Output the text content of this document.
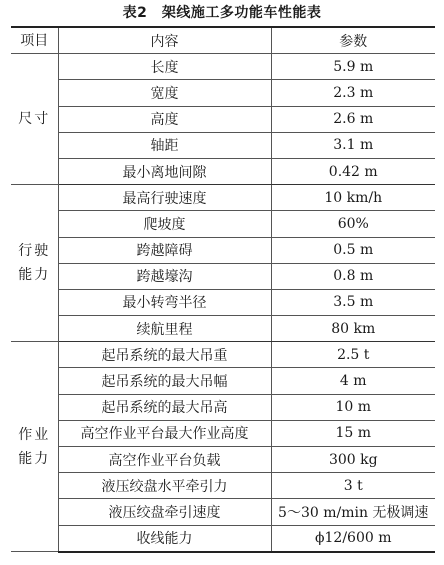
表2　架线施工多功能车性能表
项目	内容	参数
尺寸	长度	5.9 m
	宽度	2.3 m
	高度	2.6 m
	轴距	3.1 m
	最小离地间隙	0.42 m
行驶能力	最高行驶速度	10 km/h
	爬坡度	60%
	跨越障碍	0.5 m
	跨越壕沟	0.8 m
	最小转弯半径	3.5 m
	续航里程	80 km
作业能力	起吊系统的最大吊重	2.5 t
	起吊系统的最大吊幅	4 m
	起吊系统的最大吊高	10 m
	高空作业平台最大作业高度	15 m
	高空作业平台负载	300 kg
	液压绞盘水平牵引力	3 t
	液压绞盘牵引速度	5～30 m/min 无极调速
	收线能力	ϕ12/600 m
